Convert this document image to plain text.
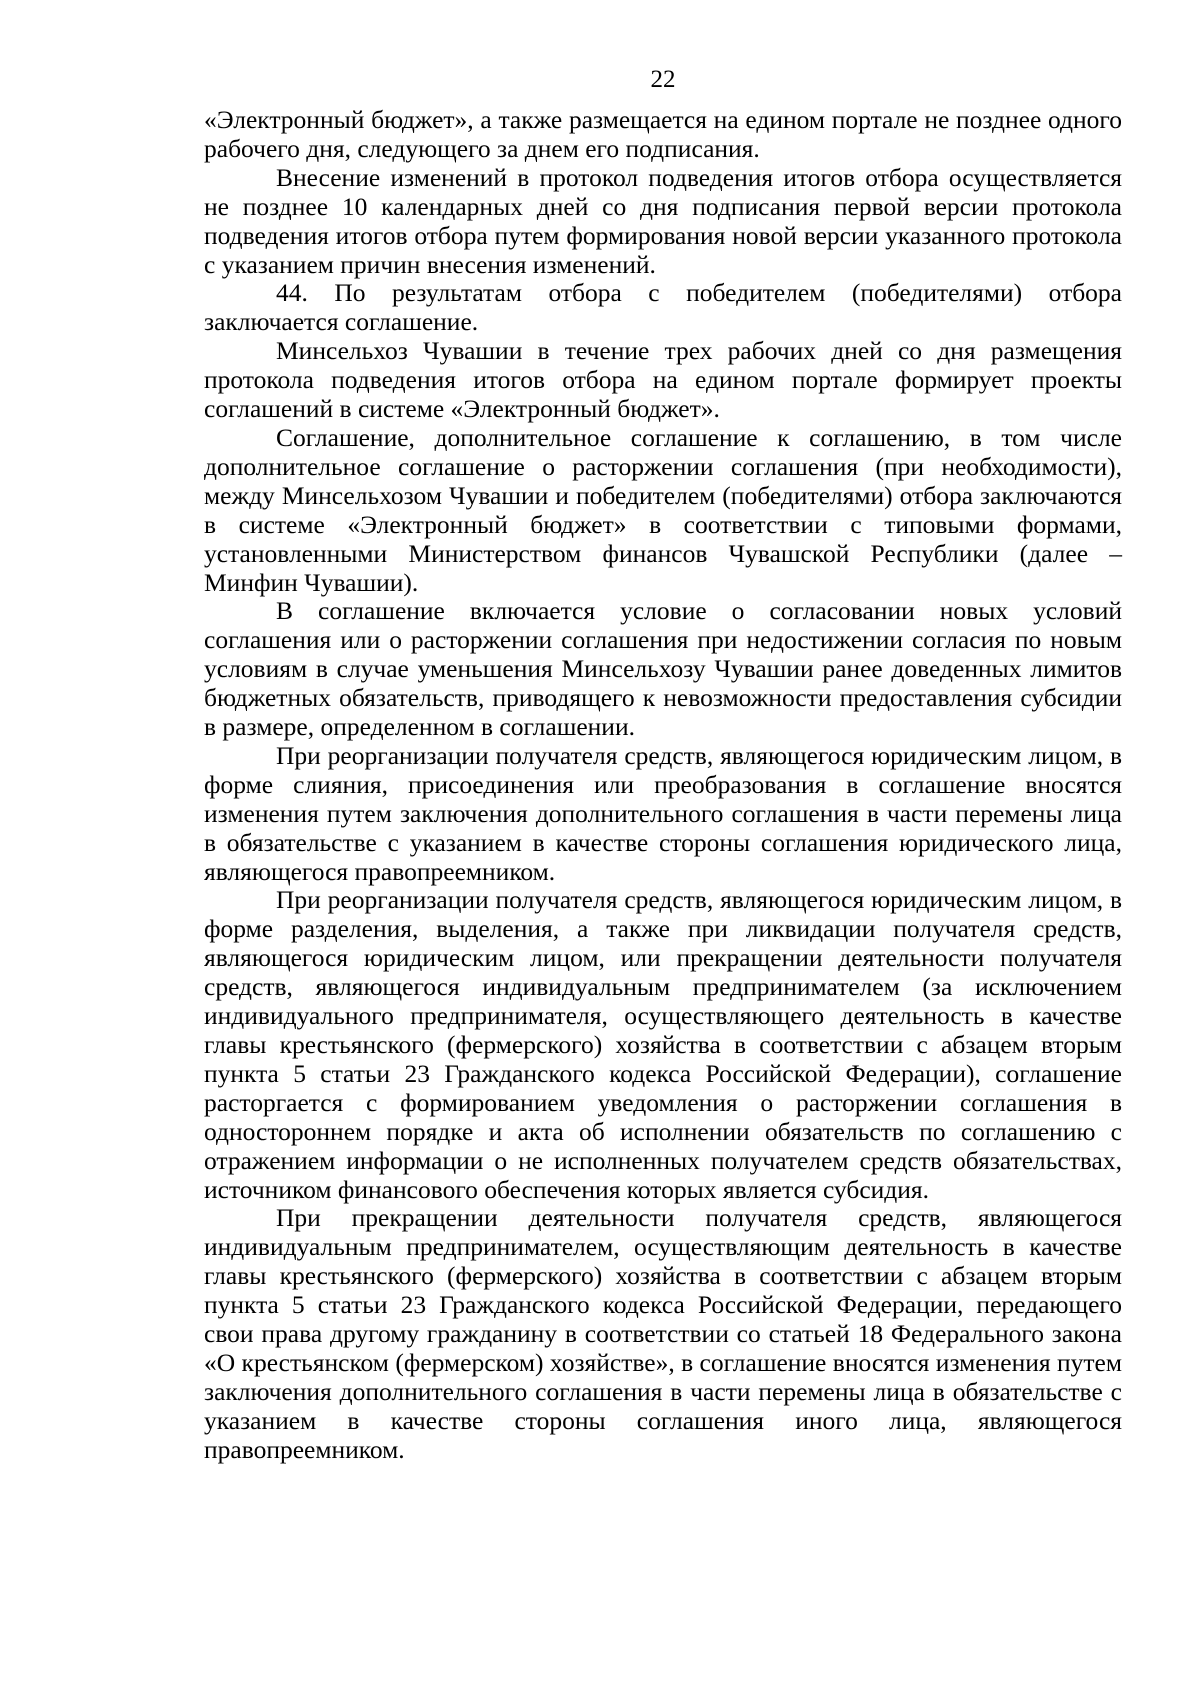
22

«Электронный бюджет», а также размещается на едином портале не позднее одного рабочего дня, следующего за днем его подписания.

Внесение изменений в протокол подведения итогов отбора осуществляется не позднее 10 календарных дней со дня подписания первой версии протокола подведения итогов отбора путем формирования новой версии указанного протокола с указанием причин внесения изменений.

44. По результатам отбора с победителем (победителями) отбора заключается соглашение.

Минсельхоз Чувашии в течение трех рабочих дней со дня размещения протокола подведения итогов отбора на едином портале формирует проекты соглашений в системе «Электронный бюджет».

Соглашение, дополнительное соглашение к соглашению, в том числе дополнительное соглашение о расторжении соглашения (при необходимости), между Минсельхозом Чувашии и победителем (победителями) отбора заключаются в системе «Электронный бюджет» в соответствии с типовыми формами, установленными Министерством финансов Чувашской Республики (далее – Минфин Чувашии).

В соглашение включается условие о согласовании новых условий соглашения или о расторжении соглашения при недостижении согласия по новым условиям в случае уменьшения Минсельхозу Чувашии ранее доведенных лимитов бюджетных обязательств, приводящего к невозможности предоставления субсидии в размере, определенном в соглашении.

При реорганизации получателя средств, являющегося юридическим лицом, в форме слияния, присоединения или преобразования в соглашение вносятся изменения путем заключения дополнительного соглашения в части перемены лица в обязательстве с указанием в качестве стороны соглашения юридического лица, являющегося правопреемником.

При реорганизации получателя средств, являющегося юридическим лицом, в форме разделения, выделения, а также при ликвидации получателя средств, являющегося юридическим лицом, или прекращении деятельности получателя средств, являющегося индивидуальным предпринимателем (за исключением индивидуального предпринимателя, осуществляющего деятельность в качестве главы крестьянского (фермерского) хозяйства в соответствии с абзацем вторым пункта 5 статьи 23 Гражданского кодекса Российской Федерации), соглашение расторгается с формированием уведомления о расторжении соглашения в одностороннем порядке и акта об исполнении обязательств по соглашению с отражением информации о не исполненных получателем средств обязательствах, источником финансового обеспечения которых является субсидия.

При прекращении деятельности получателя средств, являющегося индивидуальным предпринимателем, осуществляющим деятельность в качестве главы крестьянского (фермерского) хозяйства в соответствии с абзацем вторым пункта 5 статьи 23 Гражданского кодекса Российской Федерации, передающего свои права другому гражданину в соответствии со статьей 18 Федерального закона «О крестьянском (фермерском) хозяйстве», в соглашение вносятся изменения путем заключения дополнительного соглашения в части перемены лица в обязательстве с указанием в качестве стороны соглашения иного лица, являющегося правопреемником.
